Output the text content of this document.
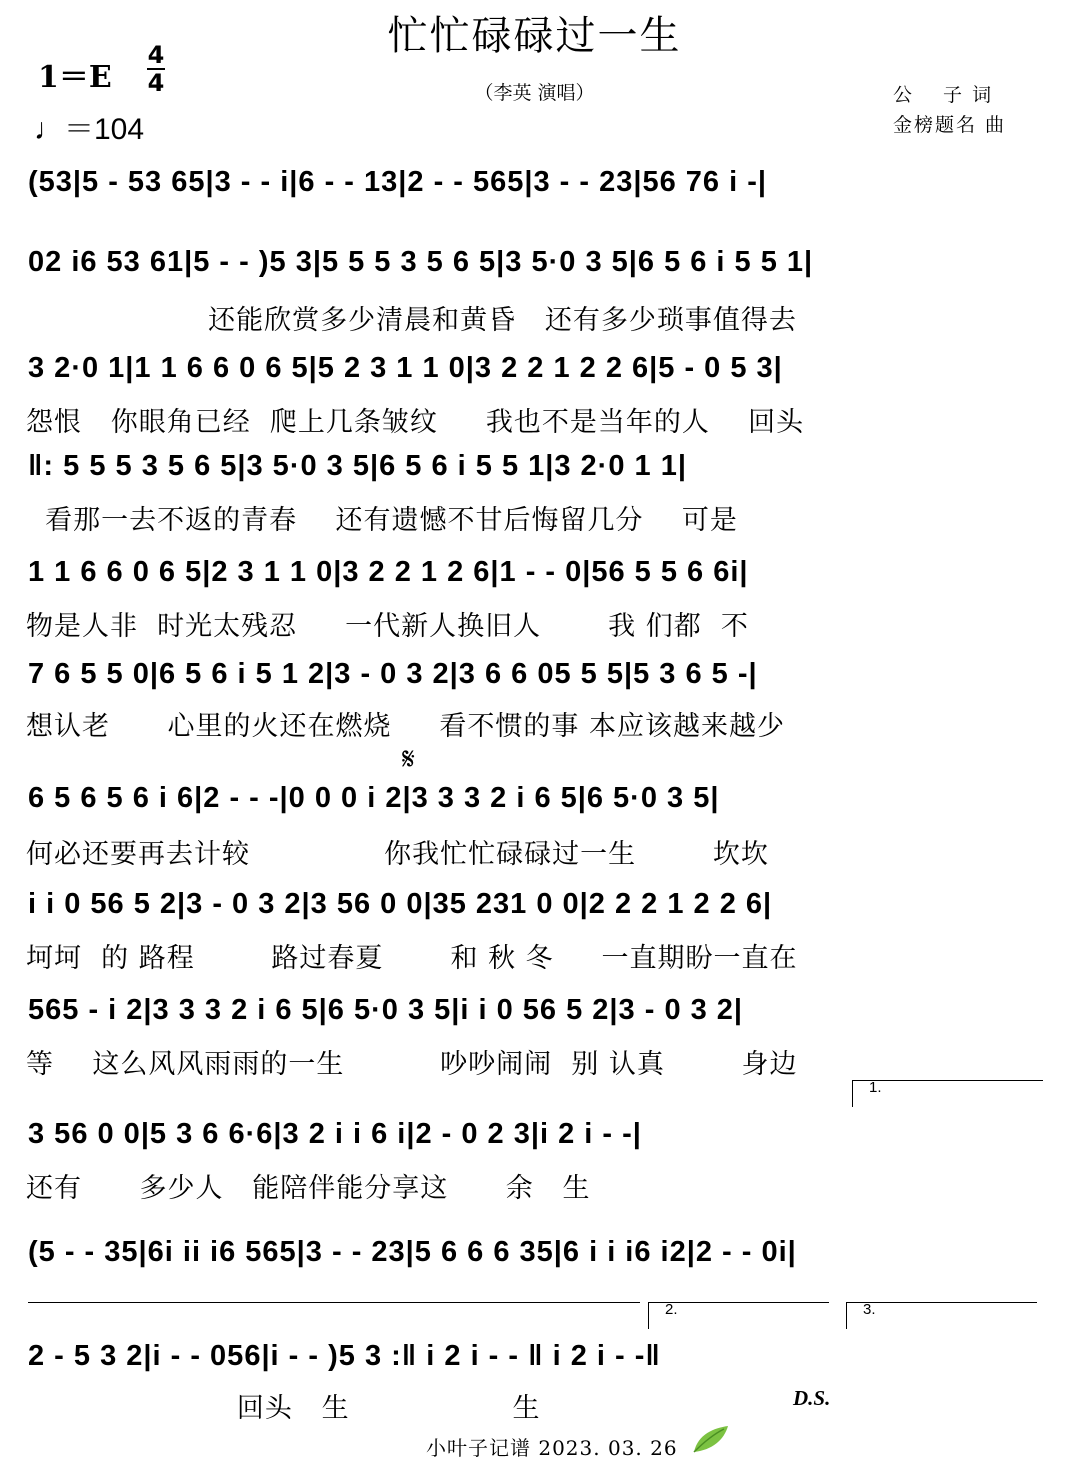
忙忙碌碌过一生
1＝E
4
4
♩＝104
（李英 演唱）	公　 子 词
金榜题名 曲
(53|5 - 53 65|3 - - i|6 - - 13|2 - - 565|3 - - 23|56 76 i -|
02 i6 53 61|5 - - )5 3|5 5 5 3 5 6 5|3 5·0 3 5|6 5 6 i 5 5 1|
还能欣赏多少清晨和黄昏   还有多少琐事值得去
3 2·0 1|1 1 6 6 0 6 5|5 2 3 1 1 0|3 2 2 1 2 2 6|5 - 0 5 3|
怨恨   你眼角已经  爬上几条皱纹     我也不是当年的人    回头
‖: 5 5 5 3 5 6 5|3 5·0 3 5|6 5 6 i 5 5 1|3 2·0 1 1|
看那一去不返的青春    还有遗憾不甘后悔留几分    可是
1 1 6 6 0 6 5|2 3 1 1 0|3 2 2 1 2 6|1 - - 0|56 5 5 6 6i|
物是人非  时光太残忍     一代新人换旧人       我 们都  不
7 6 5 5 0|6 5 6 i 5 1 2|3 - 0 3 2|3 6 6 05 5 5|5 3 6 5 -|
想认老      心里的火还在燃烧     看不惯的事 本应该越来越少
𝄋
6 5 6 5 6 i 6|2 - - -|0 0 0 i 2|3 3 3 2 i 6 5|6 5·0 3 5|
何必还要再去计较              你我忙忙碌碌过一生        坎坎
i i 0 56 5 2|3 - 0 3 2|3 56 0 0|35 231 0 0|2 2 2 1 2 2 6|
坷坷  的 路程        路过春夏       和 秋 冬     一直期盼一直在
565 - i 2|3 3 3 2 i 6 5|6 5·0 3 5|i i 0 56 5 2|3 - 0 3 2|
等    这么风风雨雨的一生          吵吵闹闹  别 认真        身边
1.
3 56 0 0|5 3 6 6·6|3 2 i i 6 i|2 - 0 2 3|i 2 i - -|
还有      多少人   能陪伴能分享这      余   生
(5 - - 35|6i ii i6 565|3 - - 23|5 6 6 6 35|6 i i i6 i2|2 - - 0i|
2.	3.
2 - 5 3 2|i - - 056|i - - )5 3 :‖ i 2 i - - ‖ i 2 i - -‖
回头   生                 生	D.S.
小叶子记谱 2023. 03. 26
